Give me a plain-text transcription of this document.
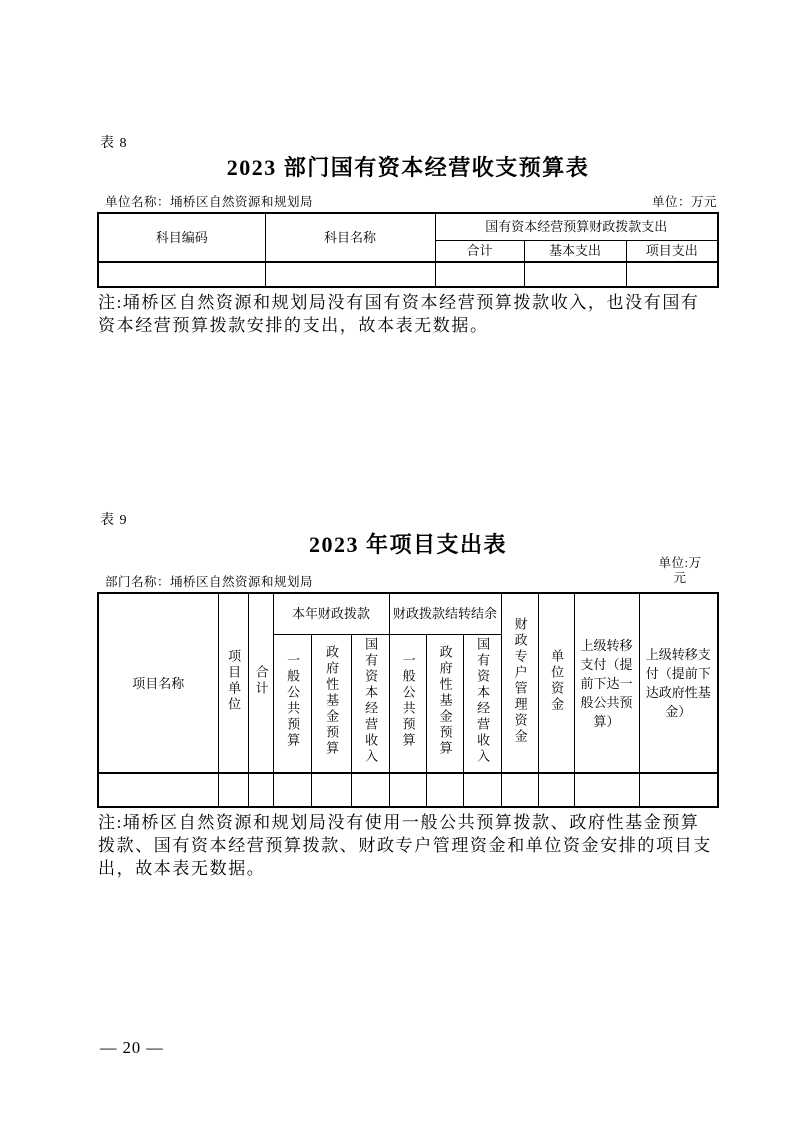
表 8
2023 部门国有资本经营收支预算表
单位名称：埇桥区自然资源和规划局	单位：万元
科目编码	科目名称	国有资本经营预算财政拨款支出		
		合计	基本支出	项目支出

注:埇桥区自然资源和规划局没有国有资本经营预算拨款收入，也没有国有资本经营预算拨款安排的支出，故本表无数据。
表 9
2023 年项目支出表
单位:万元
部门名称：埇桥区自然资源和规划局
项目名称	项目单位	合计	本年财政拨款			财政拨款结转结余			财政专户管理资金	单位资金	上级转移支付（提前下达一般公共预算）	上级转移支付（提前下达政府性基金）
			一般公共预算	政府性基金预算	国有资本经营收入	一般公共预算	政府性基金预算	国有资本经营收入				

注:埇桥区自然资源和规划局没有使用一般公共预算拨款、政府性基金预算拨款、国有资本经营预算拨款、财政专户管理资金和单位资金安排的项目支出，故本表无数据。
— 20 —
